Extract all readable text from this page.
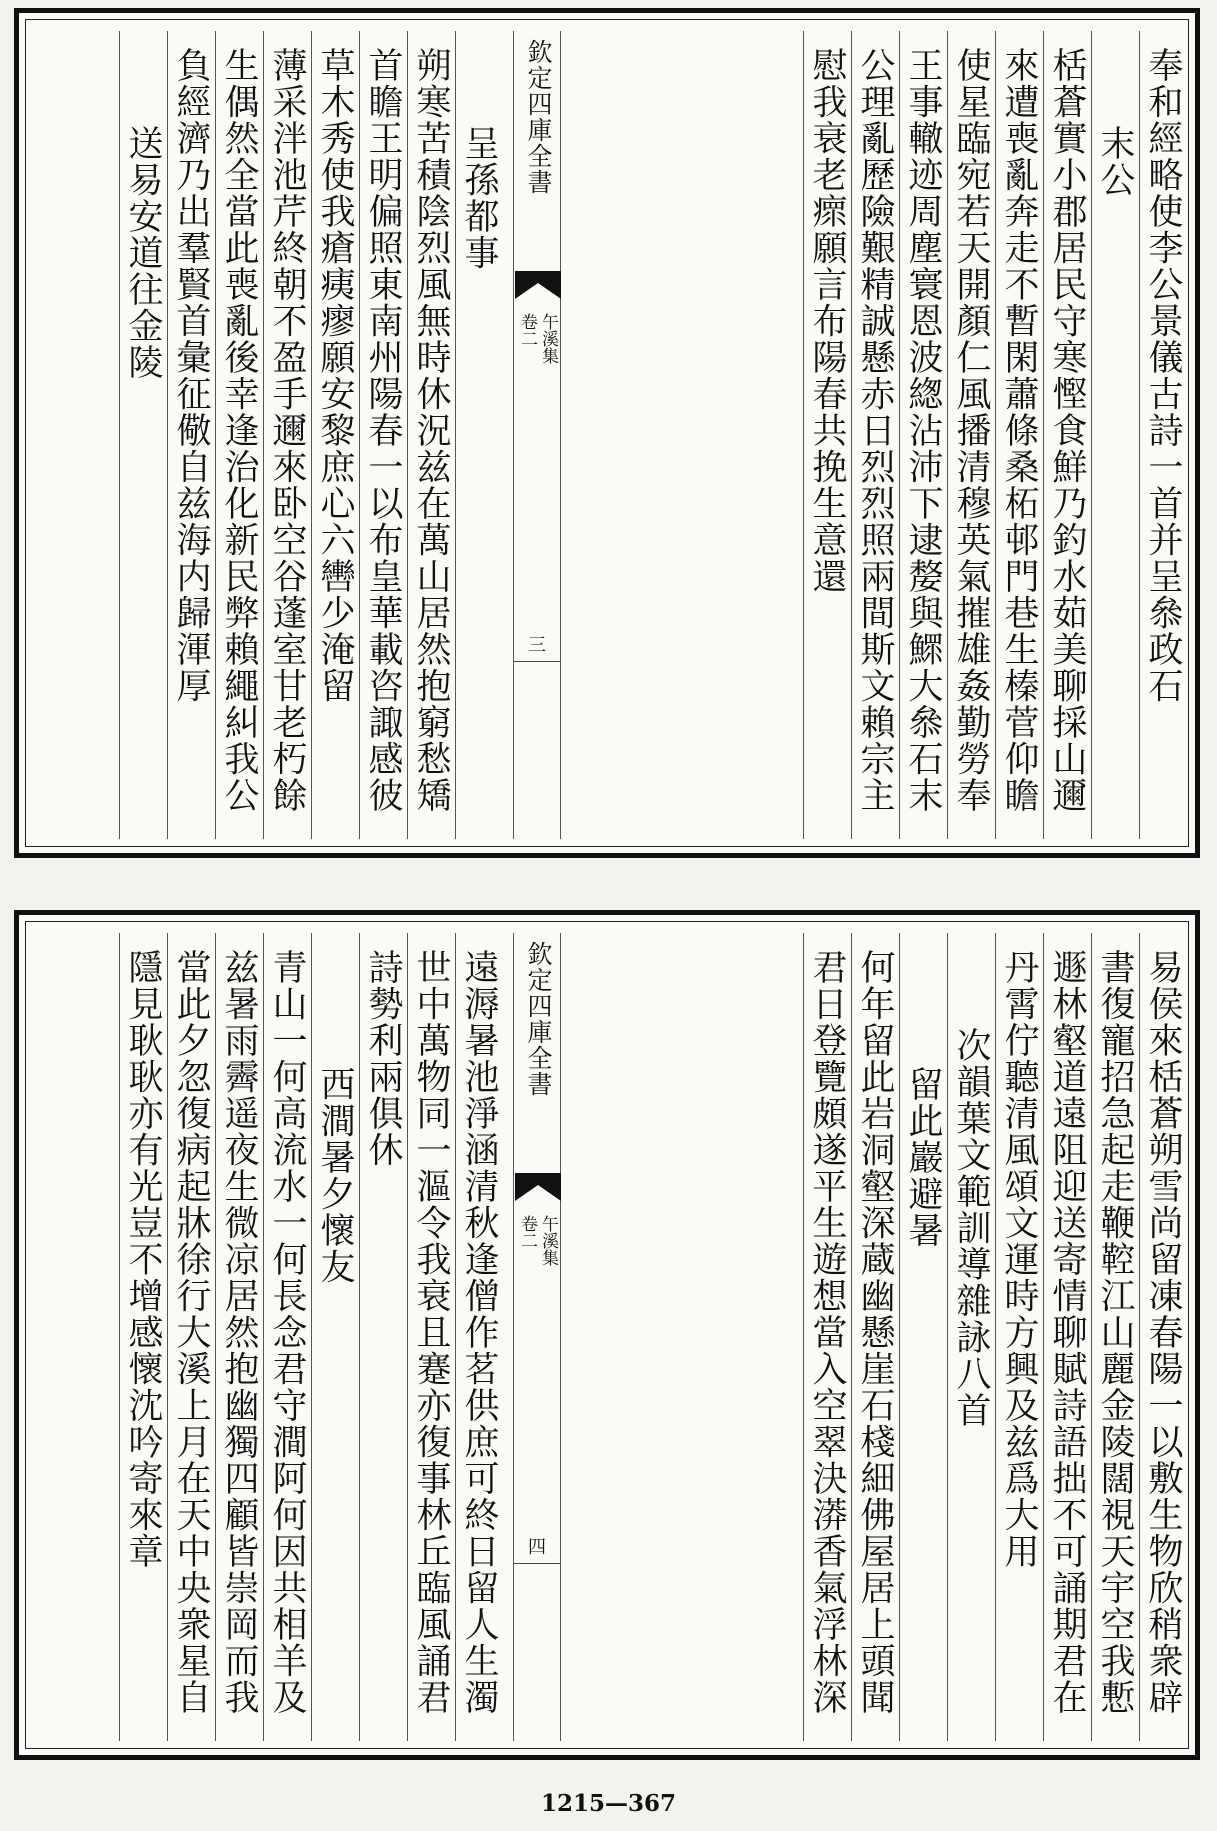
奉和經略使李公景儀古詩一首并呈叅政石
末公
栝蒼實小郡居民守寒慳食鮮乃釣水茹美聊採山邇
來遭喪亂奔走不暫閑蕭條桑柘邨門巷生榛菅仰瞻
使星臨宛若天開顏仁風播清穆英氣摧雄姦勤勞奉
王事轍迹周塵寰恩波緫沾沛下逮嫠與鰥大叅石末
公理亂歷險艱精誠懸赤日烈烈照兩間斯文賴宗主
慰我衰老瘝願言布陽春共挽生意還
欽定四庫全書
午溪集
卷二
三
呈孫都事
朔寒苦積陰烈風無時休況兹在萬山居然抱窮愁矯
首瞻王明偏照東南州陽春一以布皇華載咨諏感彼
草木秀使我瘡痍瘳願安黎庶心六轡少淹留
薄采泮池芹終朝不盈手邇來卧空谷蓬室甘老朽餘
生偶然全當此喪亂後幸逢治化新民弊賴繩糾我公
負經濟乃出羣賢首彙征儆自兹海内歸渾厚
送易安道往金陵
易侯來栝蒼朔雪尚留凍春陽一以敷生物欣稍衆辟
書復寵招急起走鞭鞚江山麗金陵闊視天宇空我慙
遯林壑道遠阻迎送寄情聊賦詩語拙不可誦期君在
丹霄佇聽清風頌文運時方興及兹爲大用
次韻葉文範訓導雜詠八首
留此巖避暑
何年留此岩洞壑深蔵幽懸崖石棧細佛屋居上頭聞
君日登覽頗遂平生遊想當入空翠決漭香氣浮林深
欽定四庫全書
午溪集
卷二
四
遠溽暑池淨涵清秋逢僧作茗供庶可終日留人生濁
世中萬物同一漚令我衰且蹇亦復事林丘臨風誦君
詩勢利兩俱休
西澗暑夕懷友
青山一何高流水一何長念君守澗阿何因共相羊及
兹暑雨霽遥夜生微凉居然抱幽獨四顧皆崇岡而我
當此夕忽復病起牀徐行大溪上月在天中央衆星自
隱見耿耿亦有光豈不增感懷沈吟寄來章
1215—367
